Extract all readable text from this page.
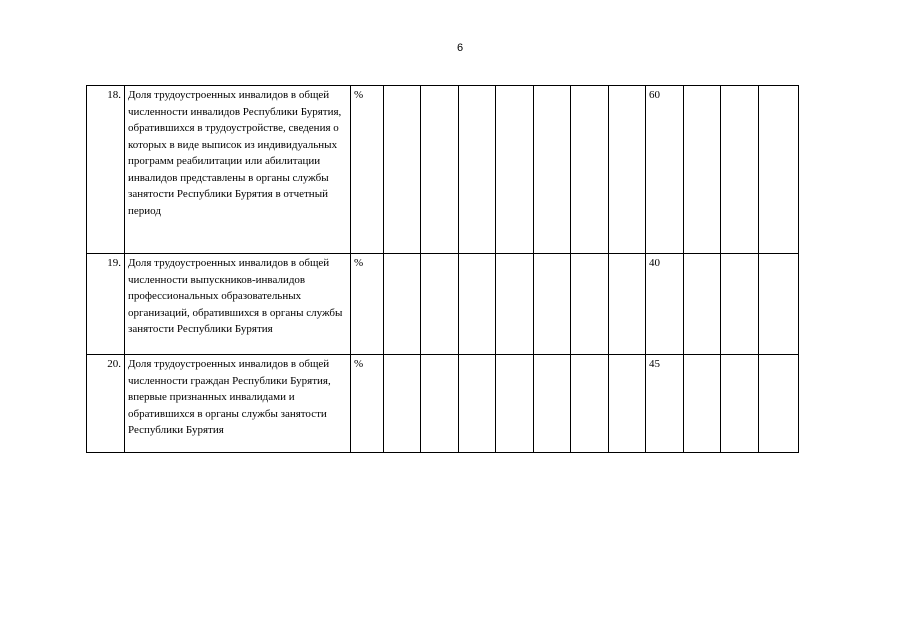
6
18.	Доля трудоустроенных инвалидов в общей численности инвалидов Республики Бурятия, обратившихся в трудоустройстве, сведения о которых в виде выписок из индивидуальных программ реабилитации или абилитации инвалидов представлены в органы службы занятости Республики Бурятия в отчетный период	%								60			
19.	Доля трудоустроенных инвалидов в общей численности выпускников-инвалидов профессиональных образовательных организаций, обратившихся в органы службы занятости Республики Бурятия	%								40			
20.	Доля трудоустроенных инвалидов в общей численности граждан Республики Бурятия, впервые признанных инвалидами и обратившихся в органы службы занятости Республики Бурятия	%								45			
